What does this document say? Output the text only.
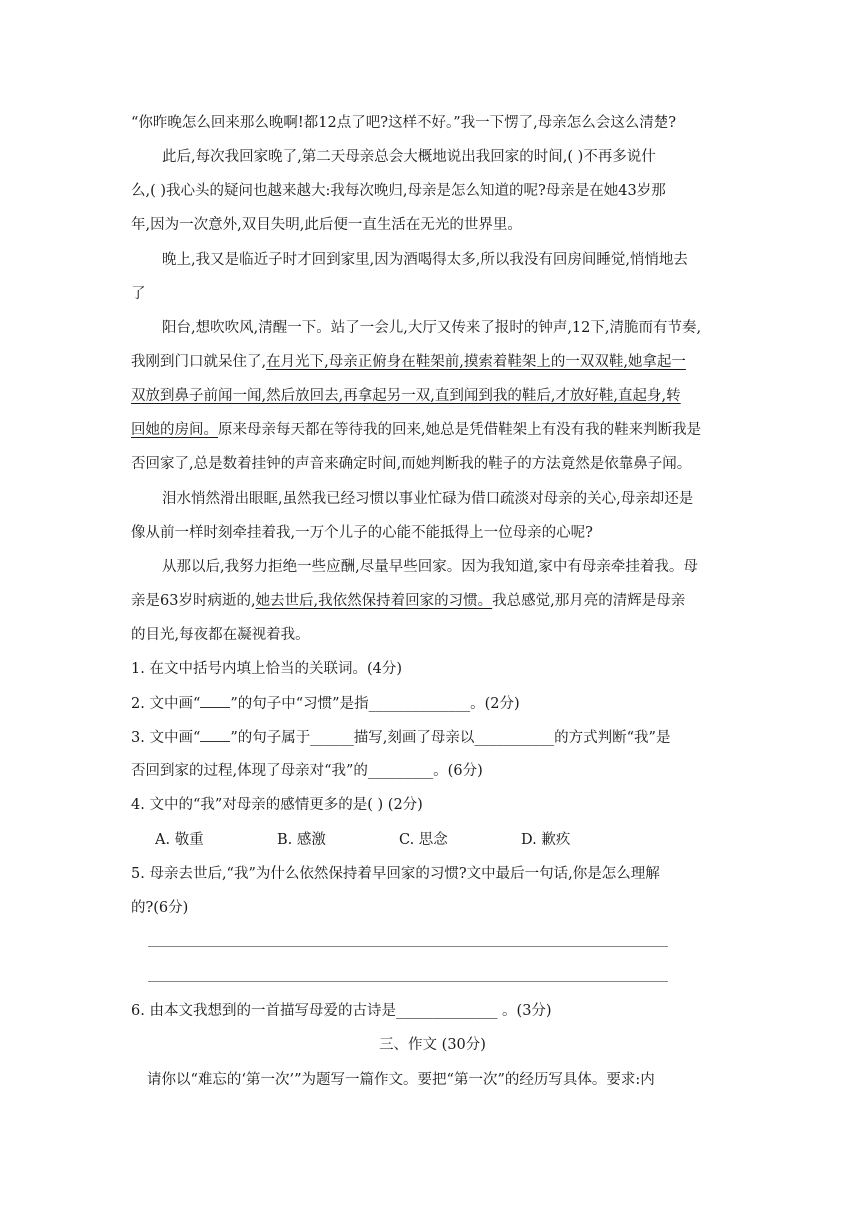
“你昨晚怎么回来那么晚啊!都12点了吧?这样不好。”我一下愣了,母亲怎么会这么清楚?
此后,每次我回家晚了,第二天母亲总会大概地说出我回家的时间,( )不再多说什
么,( )我心头的疑问也越来越大:我每次晚归,母亲是怎么知道的呢?母亲是在她43岁那
年,因为一次意外,双目失明,此后便一直生活在无光的世界里。
晚上,我又是临近子时才回到家里,因为酒喝得太多,所以我没有回房间睡觉,悄悄地去
了
阳台,想吹吹风,清醒一下。站了一会儿,大厅又传来了报时的钟声,12下,清脆而有节奏,
我刚到门口就呆住了,在月光下,母亲正俯身在鞋架前,摸索着鞋架上的一双双鞋,她拿起一
双放到鼻子前闻一闻,然后放回去,再拿起另一双,直到闻到我的鞋后,才放好鞋,直起身,转
回她的房间。原来母亲每天都在等待我的回来,她总是凭借鞋架上有没有我的鞋来判断我是
否回家了,总是数着挂钟的声音来确定时间,而她判断我的鞋子的方法竟然是依靠鼻子闻。
泪水悄然滑出眼眶,虽然我已经习惯以事业忙碌为借口疏淡对母亲的关心,母亲却还是
像从前一样时刻牵挂着我,一万个儿子的心能不能抵得上一位母亲的心呢?
从那以后,我努力拒绝一些应酬,尽量早些回家。因为我知道,家中有母亲牵挂着我。母
亲是63岁时病逝的,她去世后,我依然保持着回家的习惯。我总感觉,那月亮的清辉是母亲
的目光,每夜都在凝视着我。
1. 在文中括号内填上恰当的关联词。(4分)
2. 文中画“ ”的句子中“习惯”是指______________。(2分)
3. 文中画“ ”的句子属于______描写,刻画了母亲以___________的方式判断“我”是
否回到家的过程,体现了母亲对“我”的_________。(6分)
4. 文中的“我”对母亲的感情更多的是( ) (2分)
A. 敬重	B. 感激	C. 思念	D. 歉疚
5. 母亲去世后,“我”为什么依然保持着早回家的习惯?文中最后一句话,你是怎么理解
的?(6分)
6. 由本文我想到的一首描写母爱的古诗是______________ 。(3分)
三、作文 (30分)
请你以“难忘的‘第一次’”为题写一篇作文。要把“第一次”的经历写具体。要求:内
